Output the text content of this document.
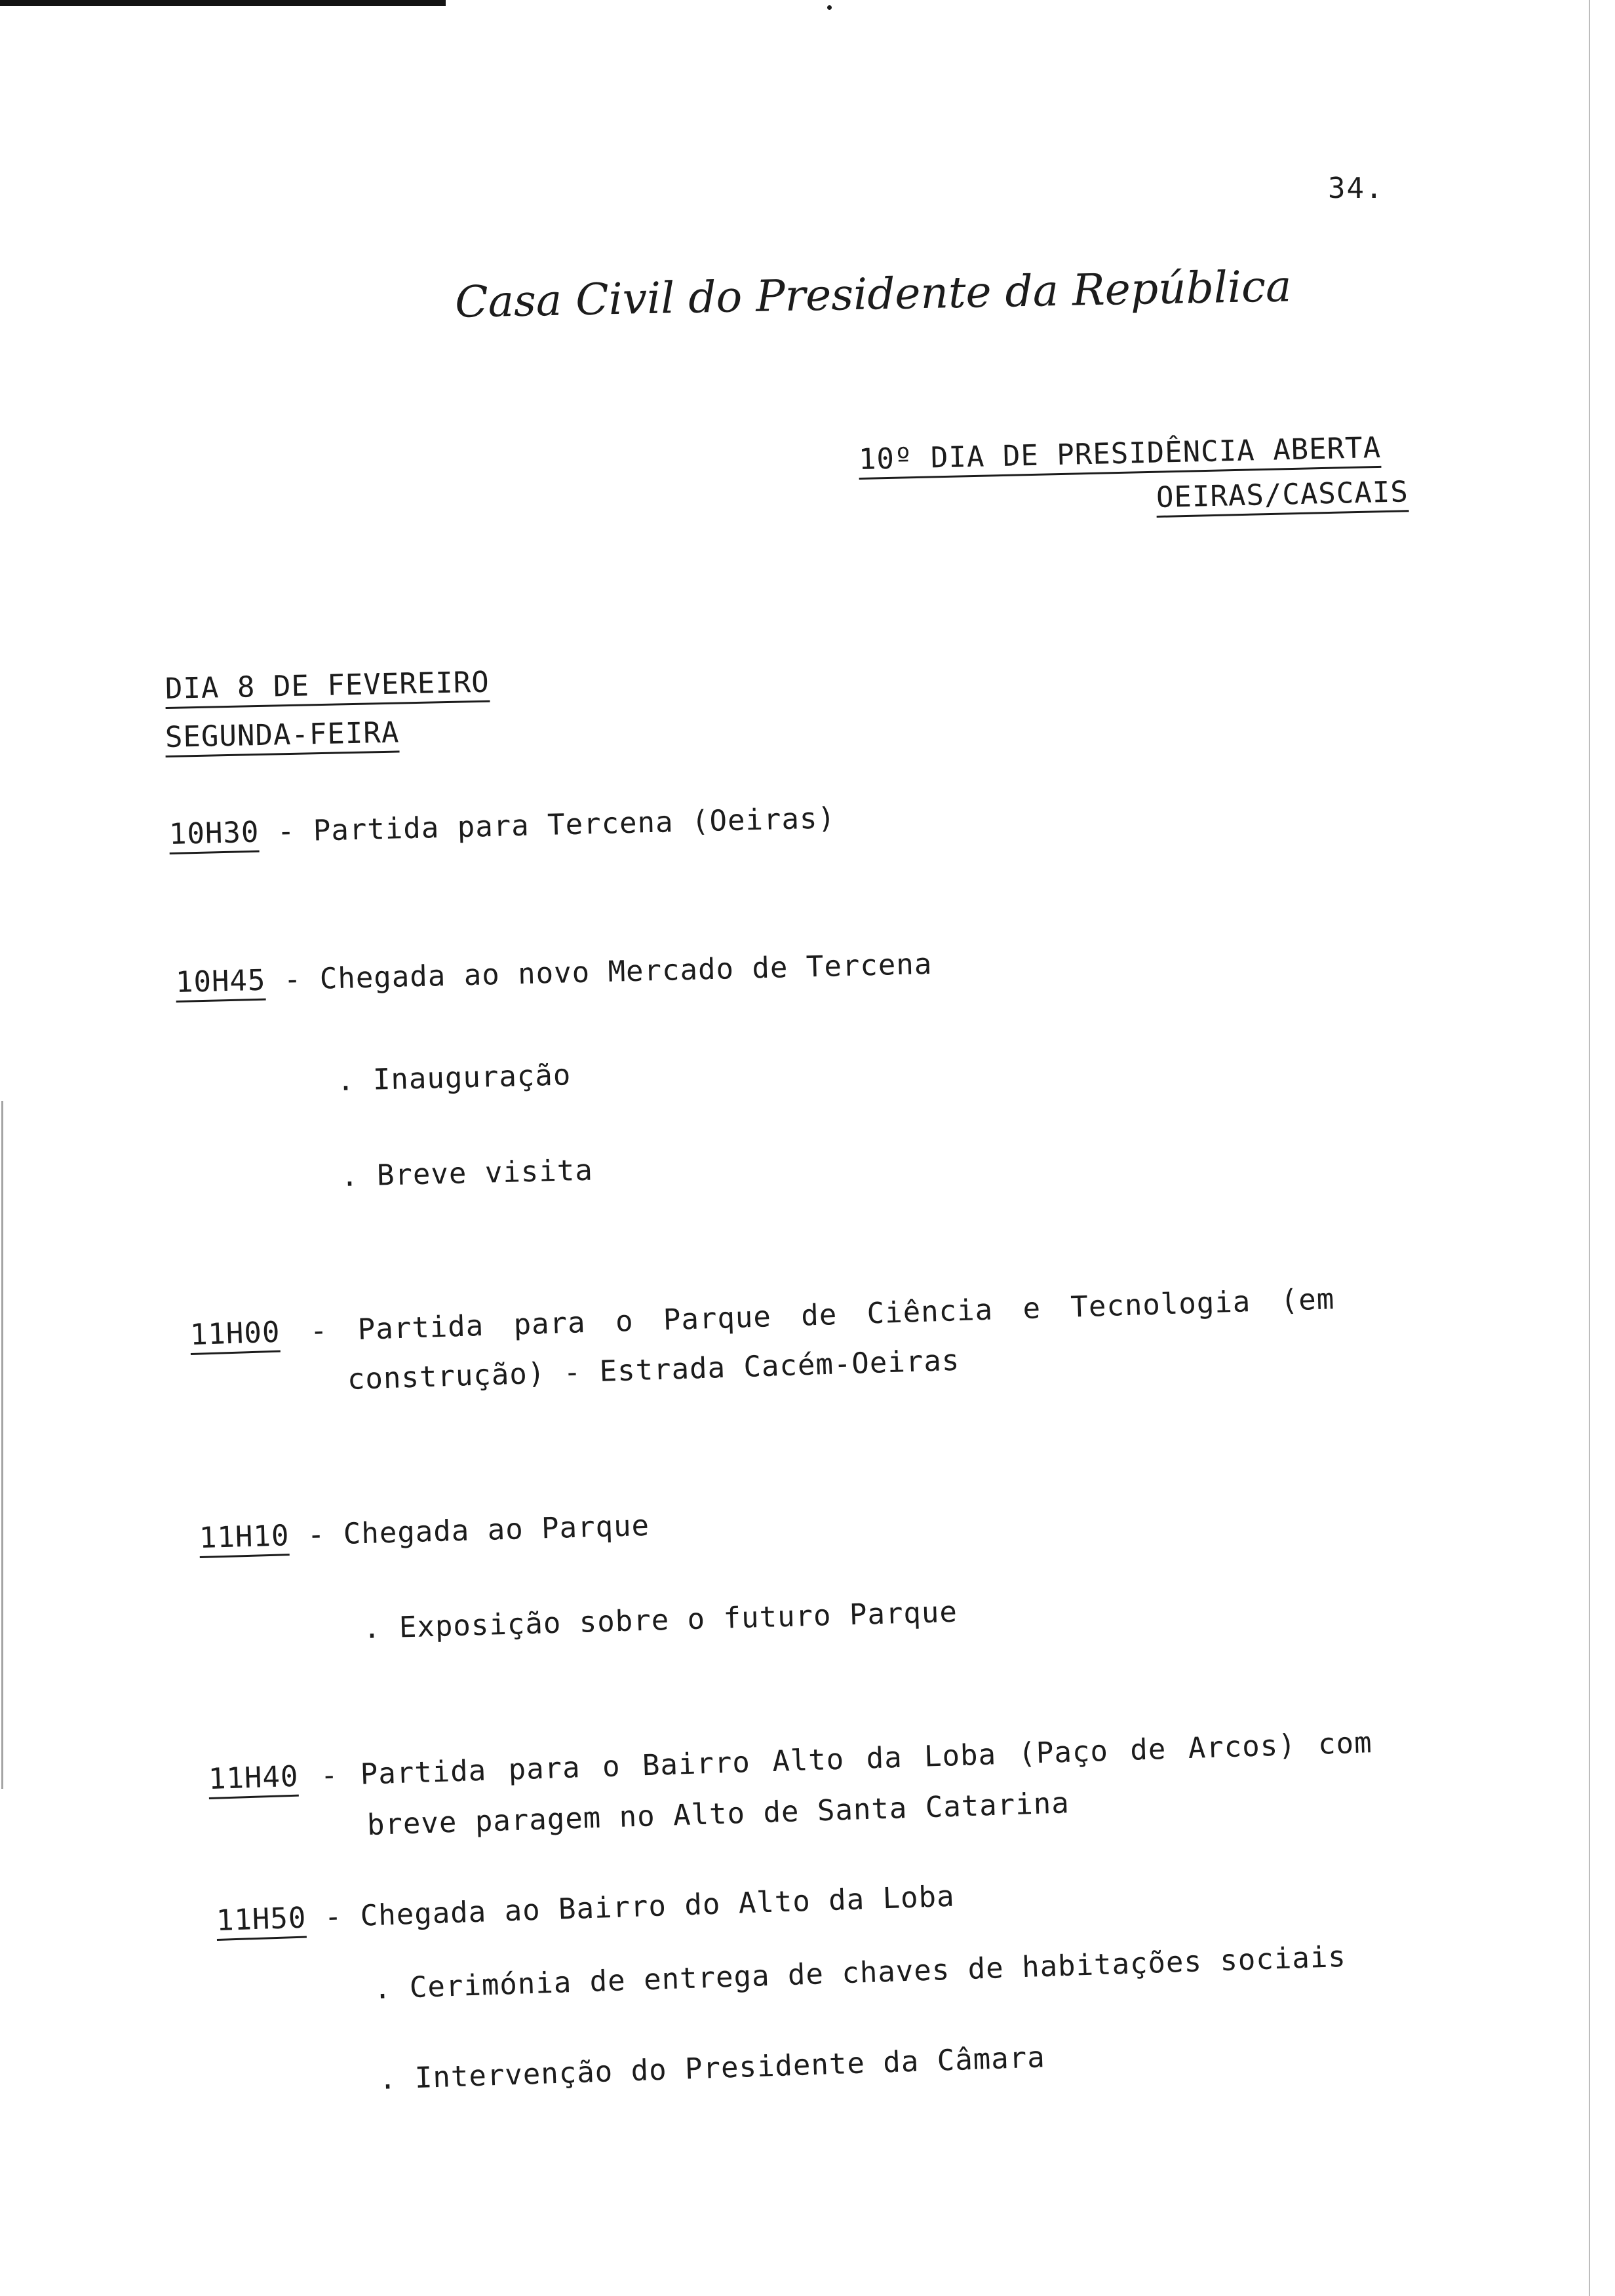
34.
Casa Civil do Presidente da República
10º DIA DE PRESIDÊNCIA ABERTA
OEIRAS/CASCAIS
DIA 8 DE FEVEREIRO
SEGUNDA-FEIRA
10H30 - Partida para Tercena (Oeiras)
10H45 - Chegada ao novo Mercado de Tercena
. Inauguração
. Breve visita
11H00 - Partida para o Parque de Ciência e Tecnologia (em
construção) - Estrada Cacém-Oeiras
11H10 - Chegada ao Parque
. Exposição sobre o futuro Parque
11H40 - Partida para o Bairro Alto da Loba (Paço de Arcos) com
breve paragem no Alto de Santa Catarina
11H50 - Chegada ao Bairro do Alto da Loba
. Cerimónia de entrega de chaves de habitações sociais
. Intervenção do Presidente da Câmara
